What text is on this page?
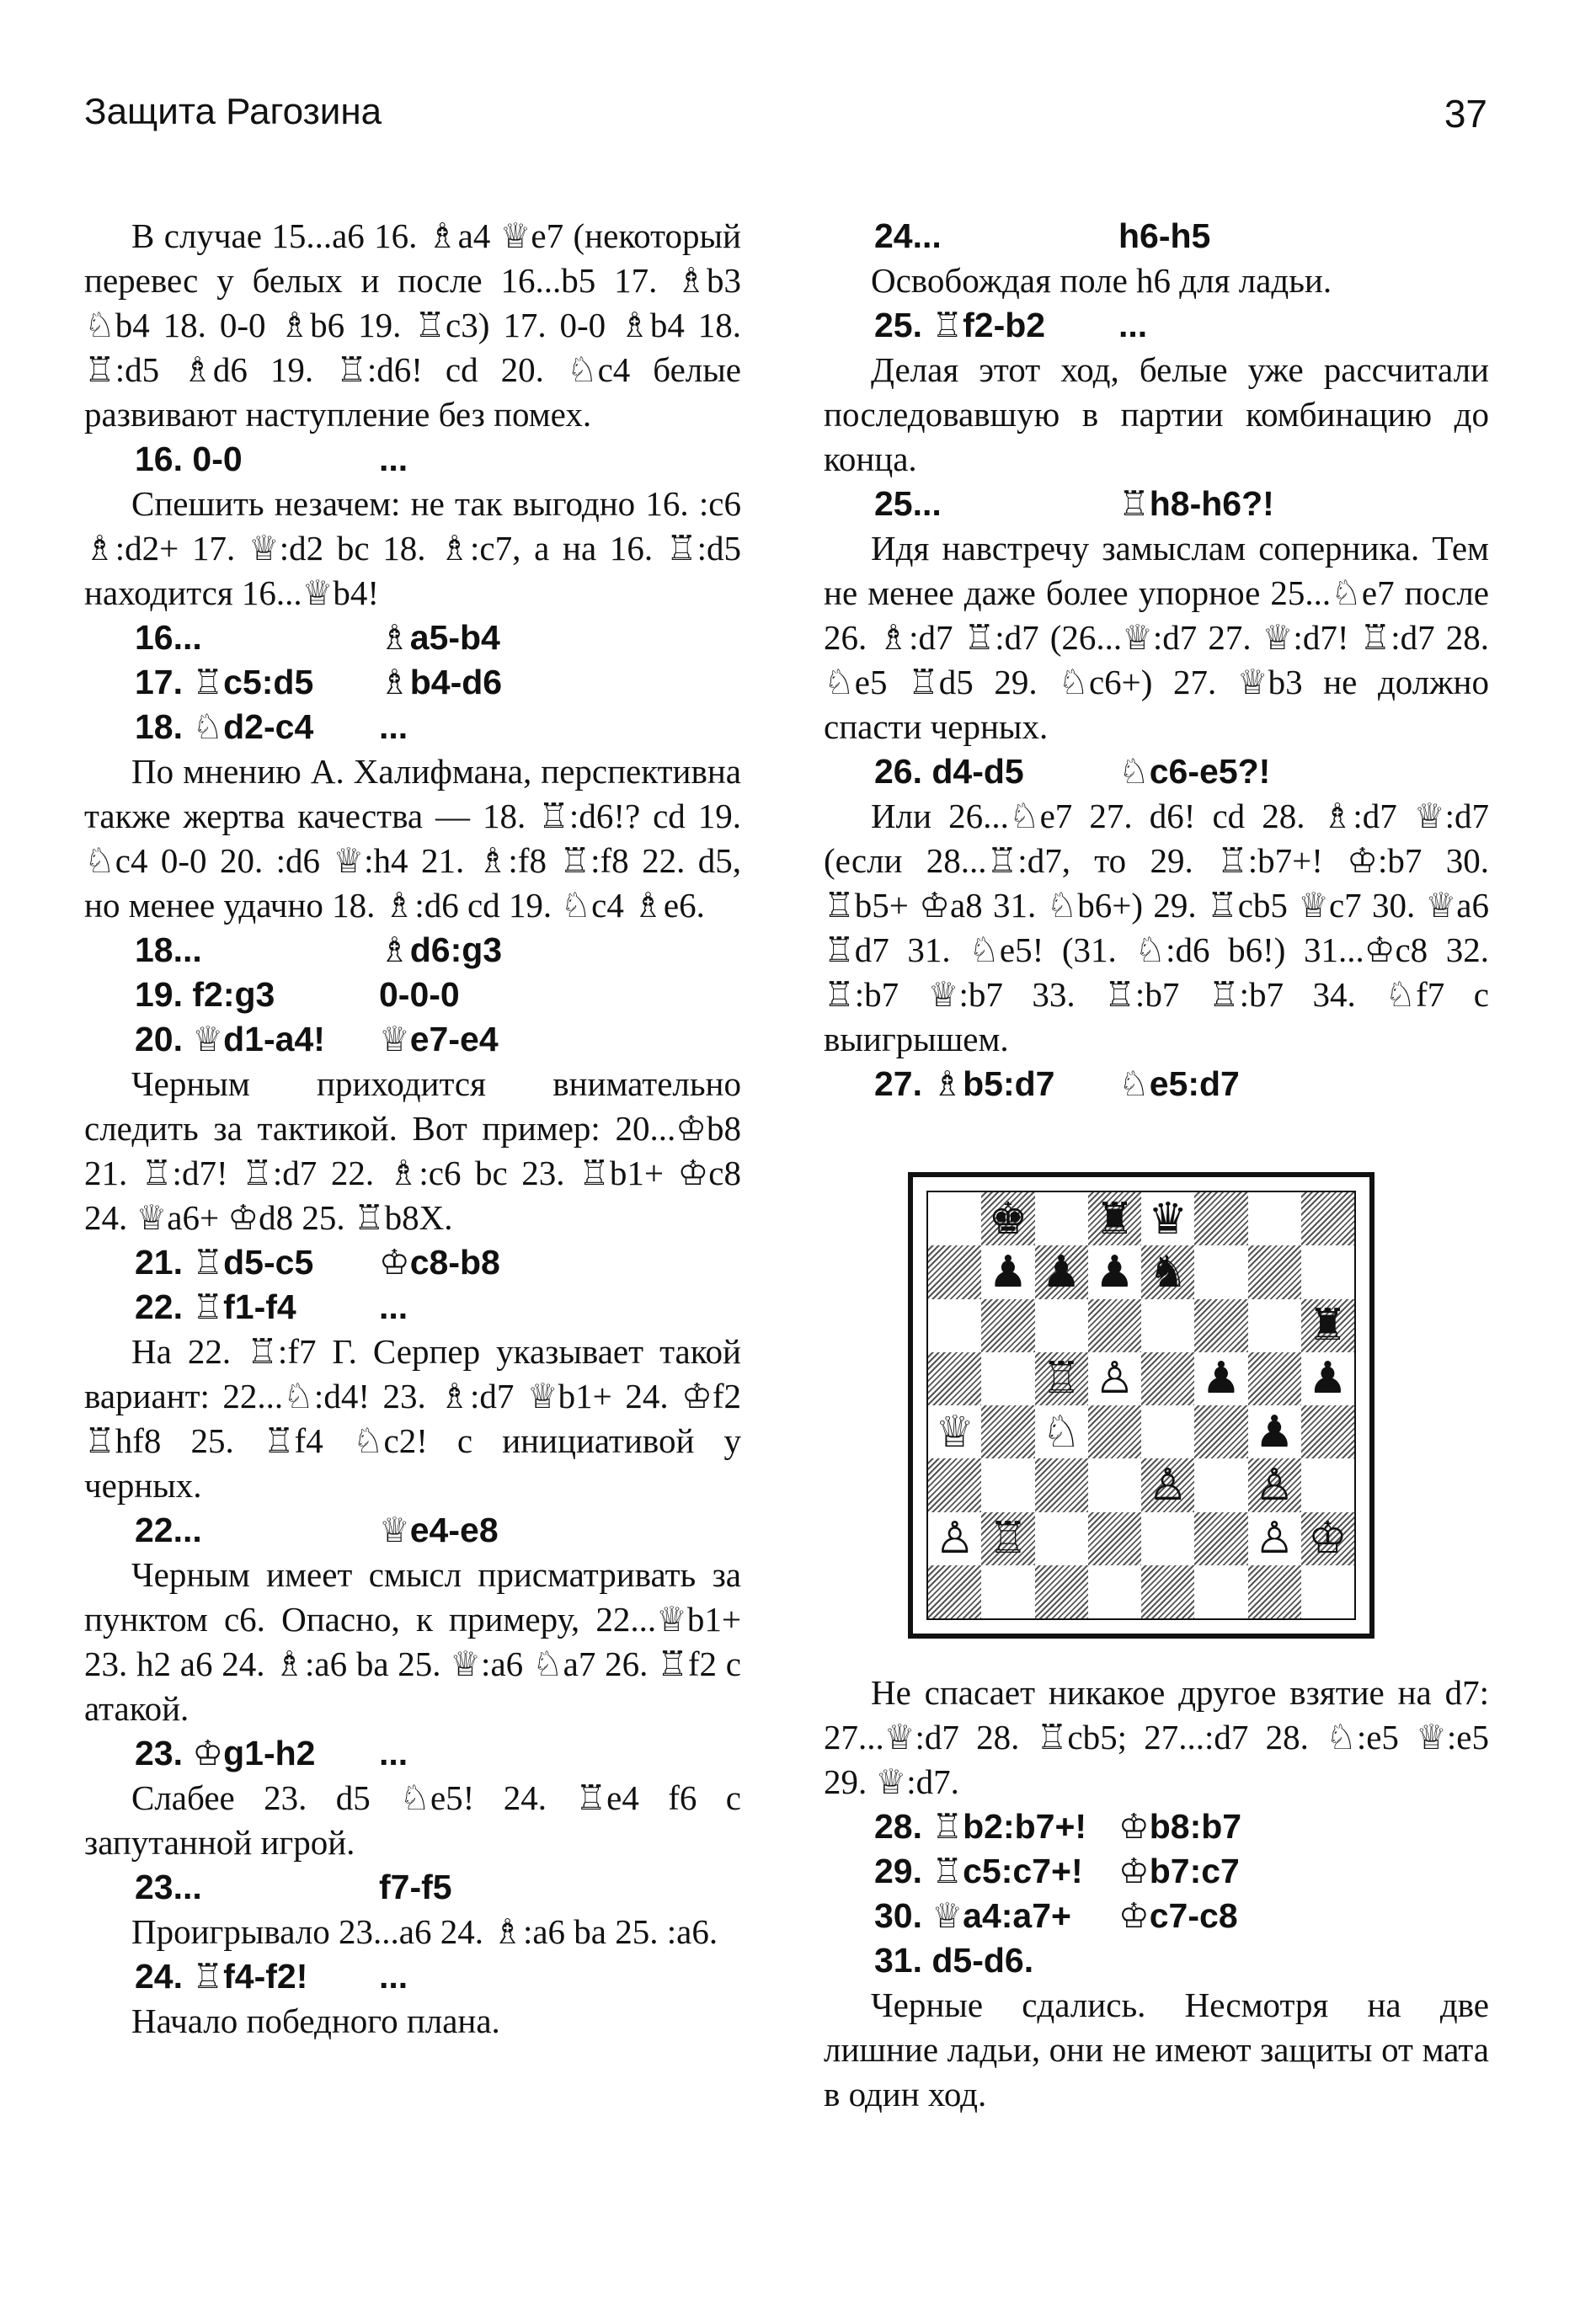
Защита Рагозина	37

В случае 15...a6 16. ♗a4 ♕e7 (некоторый перевес у белых и после 16...b5 17. ♗b3 ♘b4 18. 0-0 ♗b6 19. ♖c3) 17. 0-0 ♗b4 18. ♖:d5 ♗d6 19. ♖:d6! cd 20. ♘c4 белые развивают наступление без помех.

16. 0-0	...

Спешить незачем: не так выгодно 16. :c6 ♗:d2+ 17. ♕:d2 bc 18. ♗:c7, а на 16. ♖:d5 находится 16...♕b4!

16...	♗a5-b4
17. ♖c5:d5 ♗b4-d6
18. ♘d2-c4 ...

По мнению А. Халифмана, перспективна также жертва качества — 18. ♖:d6!? cd 19. ♘c4 0-0 20. :d6 ♕:h4 21. ♗:f8 ♖:f8 22. d5, но менее удачно 18. ♗:d6 cd 19. ♘c4 ♗e6.

18...	♗d6:g3
19. f2:g3	0-0-0
20. ♕d1-a4! ♕e7-e4

Черным приходится внимательно следить за тактикой. Вот пример: 20...♔b8 21. ♖:d7! ♖:d7 22. ♗:c6 bc 23. ♖b1+ ♔c8 24. ♕a6+ ♔d8 25. ♖b8X.

21. ♖d5-c5 ♔c8-b8
22. ♖f1-f4 ...

На 22. ♖:f7 Г. Серпер указывает такой вариант: 22...♘:d4! 23. ♗:d7 ♕b1+ 24. ♔f2 ♖hf8 25. ♖f4 ♘c2! с инициативой у черных.

22...	♕e4-e8

Черным имеет смысл присматривать за пунктом c6. Опасно, к примеру, 22...♕b1+ 23. h2 a6 24. ♗:a6 ba 25. ♕:a6 ♘a7 26. ♖f2 с атакой.

23. ♔g1-h2 ...

Слабее 23. d5 ♘e5! 24. ♖e4 f6 с запутанной игрой.

23...	f7-f5

Проигрывало 23...a6 24. ♗:a6 ba 25. :a6.

24. ♖f4-f2! ...

Начало победного плана.

24...	h6-h5

Освобождая поле h6 для ладьи.

25. ♖f2-b2 ...

Делая этот ход, белые уже рассчитали последовавшую в партии комбинацию до конца.

25...	♖h8-h6?!

Идя навстречу замыслам соперника. Тем не менее даже более упорное 25...♘e7 после 26. ♗:d7 ♖:d7 (26...♕:d7 27. ♕:d7! ♖:d7 28. ♘e5 ♖d5 29. ♘c6+) 27. ♕b3 не должно спасти черных.

26. d4-d5	♘c6-e5?!

Или 26...♘e7 27. d6! cd 28. ♗:d7 ♕:d7 (если 28...♖:d7, то 29. ♖:b7+! ♔:b7 30. ♖b5+ ♔a8 31. ♘b6+) 29. ♖cb5 ♕c7 30. ♕a6 ♖d7 31. ♘e5! (31. ♘:d6 b6!) 31...♔c8 32. ♖:b7 ♕:b7 33. ♖:b7 ♖:b7 34. ♘f7 с выигрышем.

27. ♗b5:d7 ♘e5:d7
♚ ♜ ♛
♟ ♟ ♟ ♞
♜
♖ ♙ ♟ ♟
♕ ♘	♟
♙ ♙
♙ ♖	♙ ♔

Не спасает никакое другое взятие на d7: 27...♕:d7 28. ♖cb5; 27...:d7 28. ♘:e5 ♕:e5 29. ♕:d7.

28. ♖b2:b7+! ♔b8:b7
29. ♖c5:c7+! ♔b7:c7
30. ♕a4:a7+ ♔c7-c8
31. d5-d6.

Черные сдались. Несмотря на две лишние ладьи, они не имеют защиты от мата в один ход.
